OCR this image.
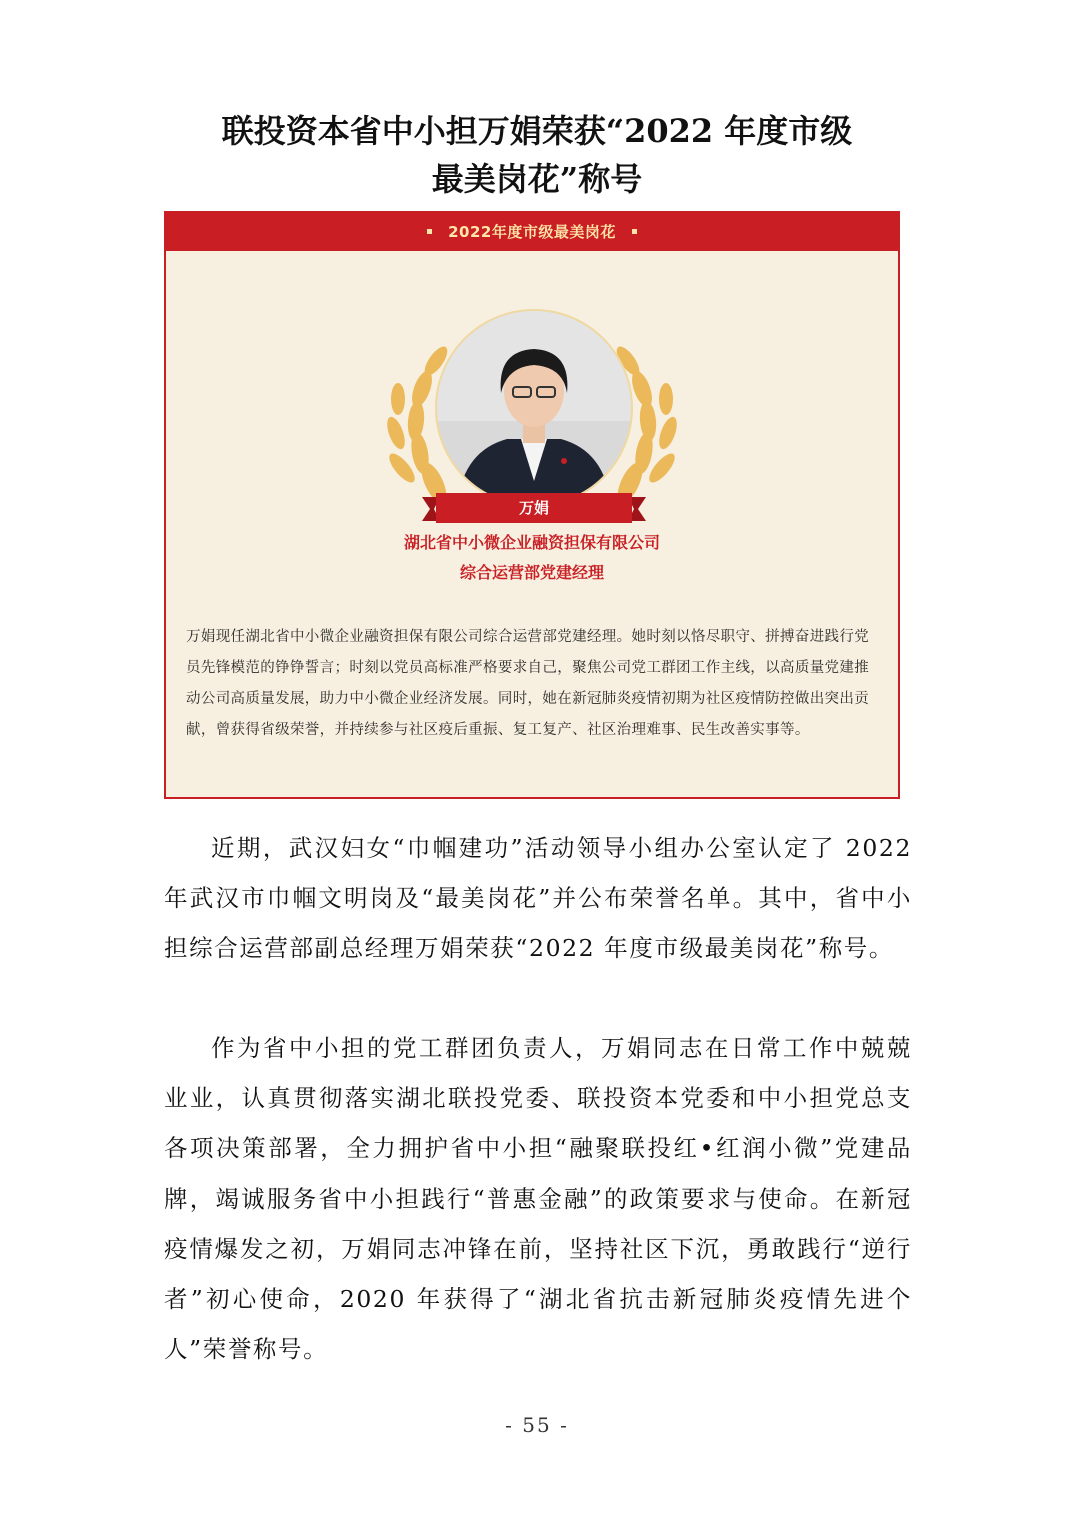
联投资本省中小担万娟荣获“2022 年度市级
最美岗花”称号
2022年度市级最美岗花
万娟
湖北省中小微企业融资担保有限公司
综合运营部党建经理
万娟现任湖北省中小微企业融资担保有限公司综合运营部党建经理。她时刻以恪尽职守、拼搏奋进践行党员先锋模范的铮铮誓言；时刻以党员高标准严格要求自己，聚焦公司党工群团工作主线，以高质量党建推动公司高质量发展，助力中小微企业经济发展。同时，她在新冠肺炎疫情初期为社区疫情防控做出突出贡献，曾获得省级荣誉，并持续参与社区疫后重振、复工复产、社区治理难事、民生改善实事等。
近期，武汉妇女“巾帼建功”活动领导小组办公室认定了 2022 年武汉市巾帼文明岗及“最美岗花”并公布荣誉名单。其中，省中小担综合运营部副总经理万娟荣获“2022 年度市级最美岗花”称号。
作为省中小担的党工群团负责人，万娟同志在日常工作中兢兢业业，认真贯彻落实湖北联投党委、联投资本党委和中小担党总支各项决策部署，全力拥护省中小担“融聚联投红•红润小微”党建品牌，竭诚服务省中小担践行“普惠金融”的政策要求与使命。在新冠疫情爆发之初，万娟同志冲锋在前，坚持社区下沉，勇敢践行“逆行者”初心使命，2020 年获得了“湖北省抗击新冠肺炎疫情先进个人”荣誉称号。
- 55 -
